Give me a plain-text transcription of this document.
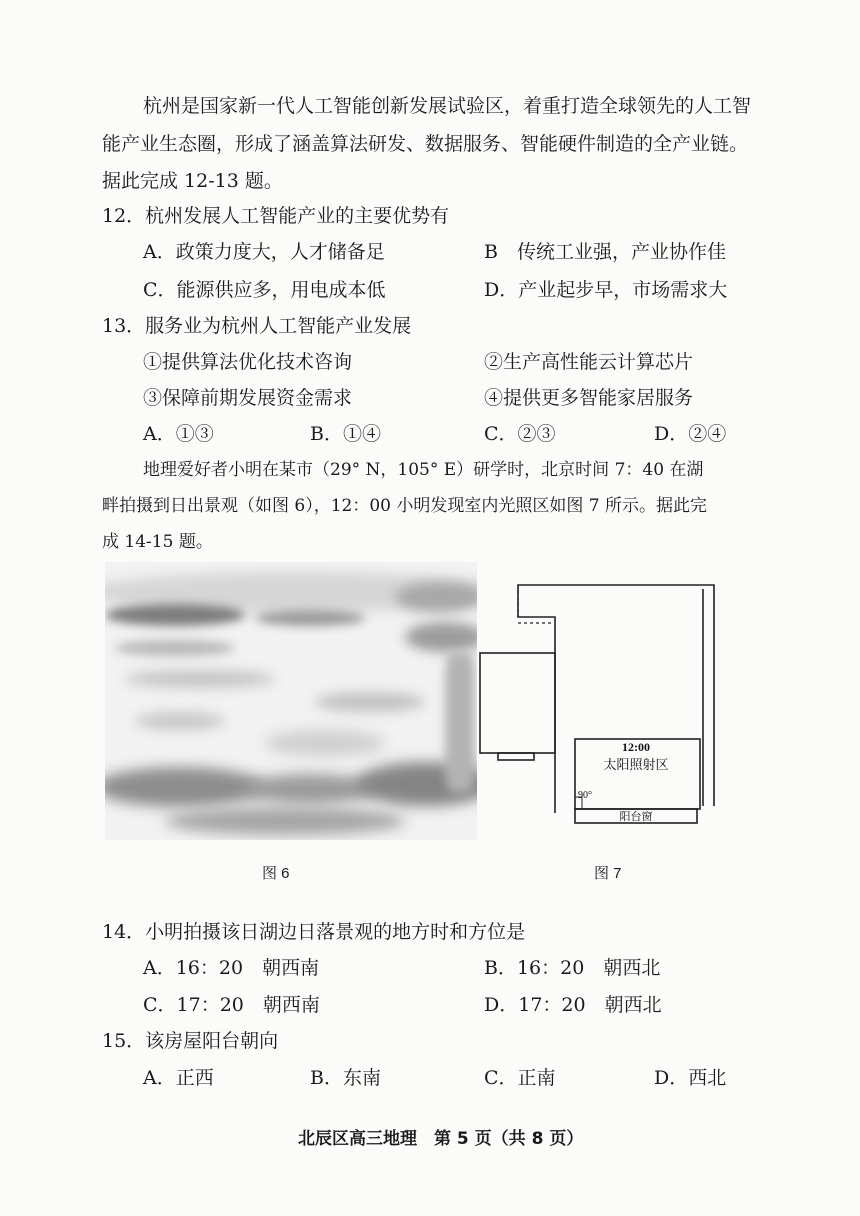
杭州是国家新一代人工智能创新发展试验区，着重打造全球领先的人工智
能产业生态圈，形成了涵盖算法研发、数据服务、智能硬件制造的全产业链。
据此完成 12-13 题。
12．杭州发展人工智能产业的主要优势有
A．政策力度大，人才储备足	B　传统工业强，产业协作佳
C．能源供应多，用电成本低	D．产业起步早，市场需求大
13．服务业为杭州人工智能产业发展
①提供算法优化技术咨询	②生产高性能云计算芯片
③保障前期发展资金需求	④提供更多智能家居服务
A．①③	B．①④	C．②③	D．②④
地理爱好者小明在某市（29° N，105° E）研学时，北京时间 7：40 在湖
畔拍摄到日出景观（如图 6），12：00 小明发现室内光照区如图 7 所示。据此完
成 14-15 题。
12:00
太阳照射区
90°
阳台窗
图 6	图 7
14．小明拍摄该日湖边日落景观的地方时和方位是
A．16：20　朝西南	B．16：20　朝西北
C．17：20　朝西南	D．17：20　朝西北
15．该房屋阳台朝向
A．正西	B．东南	C．正南	D．西北
北辰区高三地理　第 5 页（共 8 页）
